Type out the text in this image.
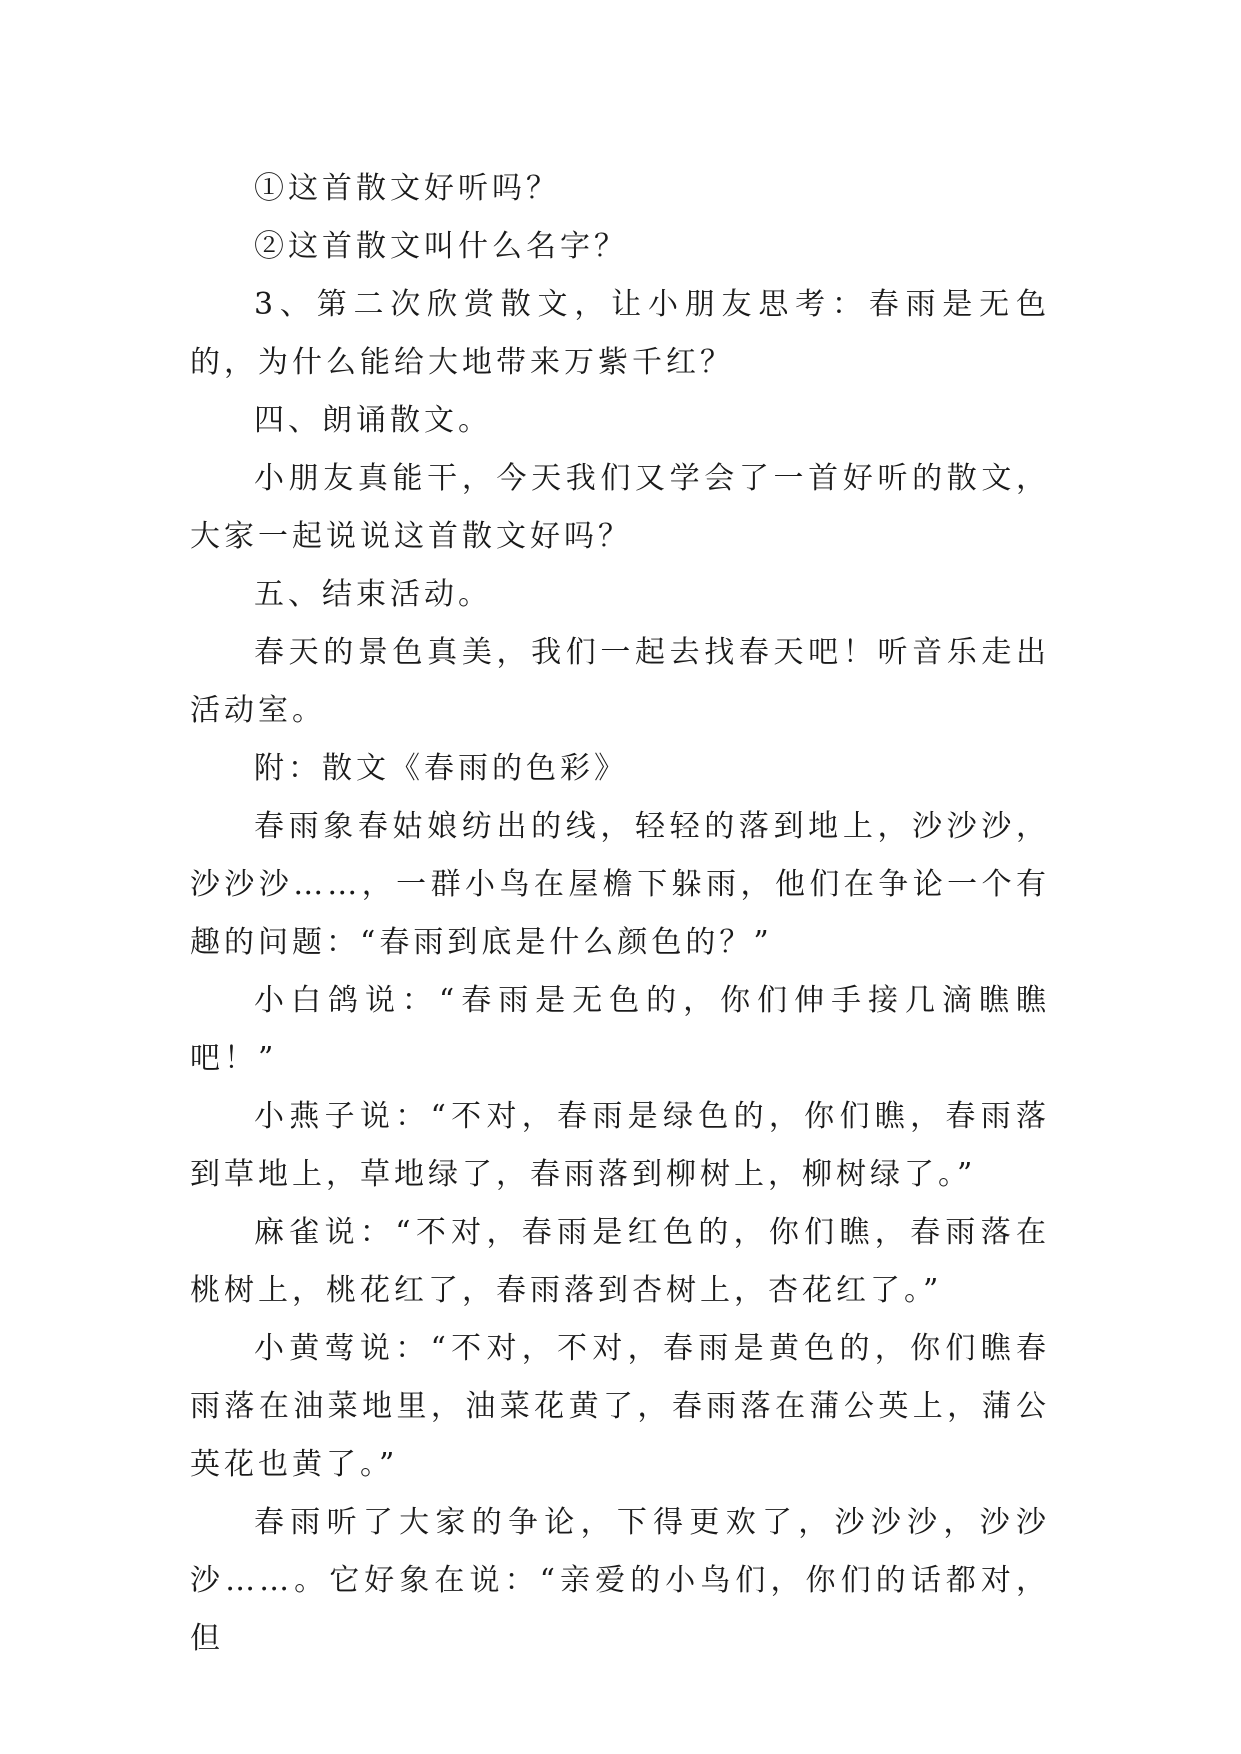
①这首散文好听吗？

②这首散文叫什么名字？

3、第二次欣赏散文，让小朋友思考：春雨是无色的，为什么能给大地带来万紫千红？

四、朗诵散文。

小朋友真能干，今天我们又学会了一首好听的散文，大家一起说说这首散文好吗？

五、结束活动。

春天的景色真美，我们一起去找春天吧！听音乐走出活动室。

附：散文《春雨的色彩》

春雨象春姑娘纺出的线，轻轻的落到地上，沙沙沙，沙沙沙……，一群小鸟在屋檐下躲雨，他们在争论一个有趣的问题：“春雨到底是什么颜色的？”

小白鸽说：“春雨是无色的，你们伸手接几滴瞧瞧吧！”

小燕子说：“不对，春雨是绿色的，你们瞧，春雨落到草地上，草地绿了，春雨落到柳树上，柳树绿了。”

麻雀说：“不对，春雨是红色的，你们瞧，春雨落在桃树上，桃花红了，春雨落到杏树上，杏花红了。”

小黄莺说：“不对，不对，春雨是黄色的，你们瞧春雨落在油菜地里，油菜花黄了，春雨落在蒲公英上，蒲公英花也黄了。”

春雨听了大家的争论，下得更欢了，沙沙沙，沙沙沙……。它好象在说：“亲爱的小鸟们，你们的话都对，但
